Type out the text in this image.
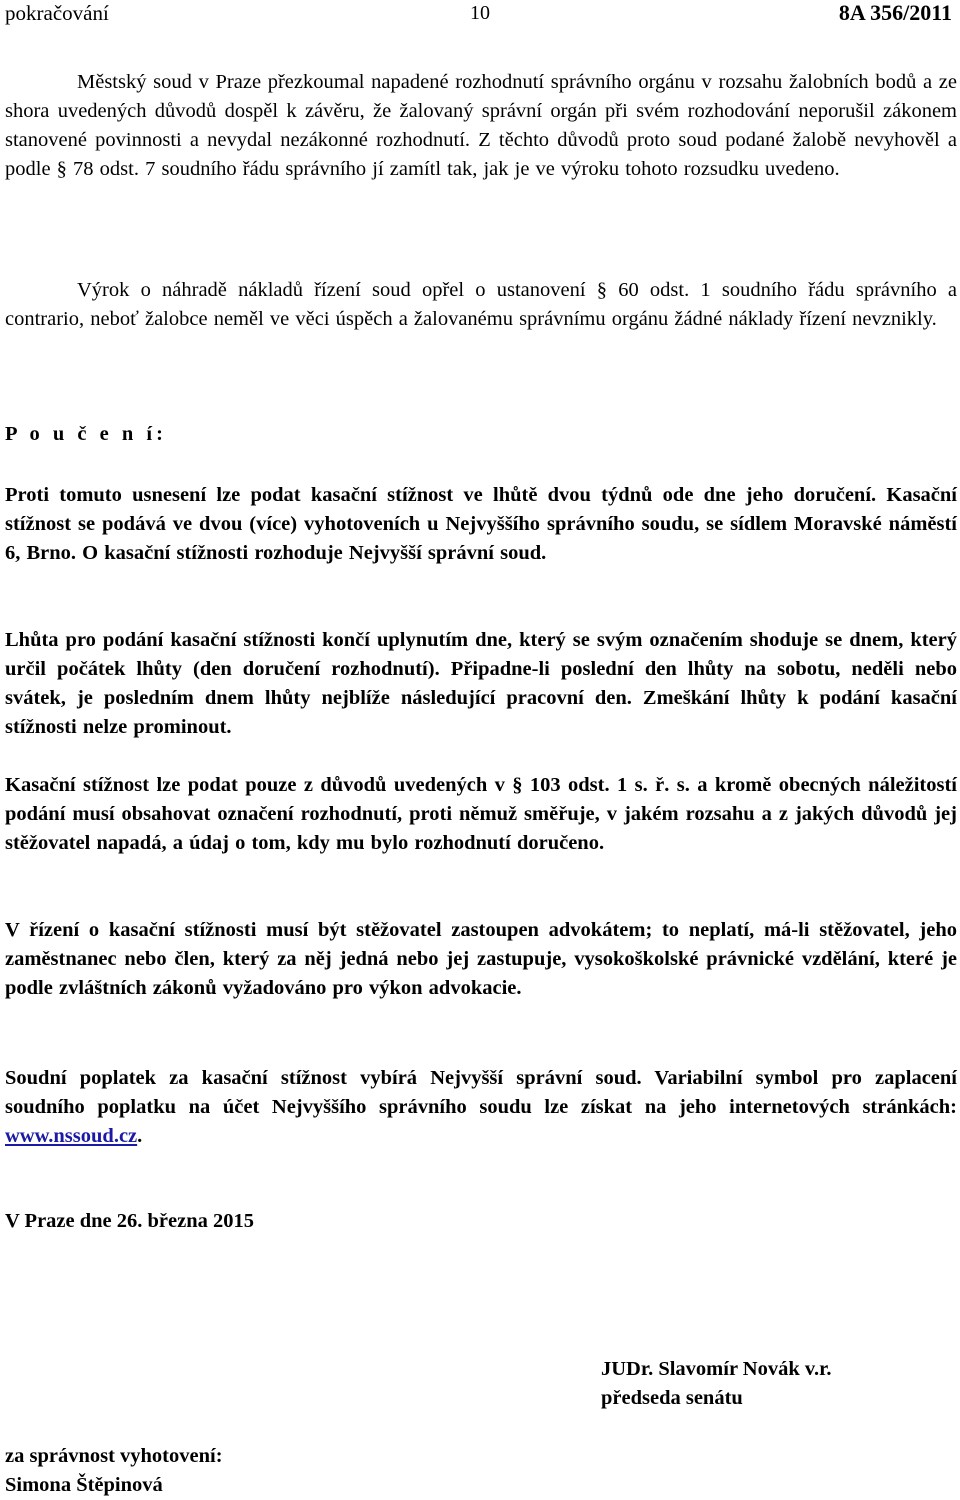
pokračování	10	8A 356/2011

Městský soud v Praze přezkoumal napadené rozhodnutí správního orgánu v rozsahu žalobních bodů a ze shora uvedených důvodů dospěl k závěru, že žalovaný správní orgán při svém rozhodování neporušil zákonem stanovené povinnosti a nevydal nezákonné rozhodnutí. Z těchto důvodů proto soud podané žalobě nevyhověl a podle § 78 odst. 7 soudního řádu správního jí zamítl tak, jak je ve výroku tohoto rozsudku uvedeno.

Výrok o náhradě nákladů řízení soud opřel o ustanovení § 60 odst. 1 soudního řádu správního a contrario, neboť žalobce neměl ve věci úspěch a žalovanému správnímu orgánu žádné náklady řízení nevznikly.

P o u č e n í:

Proti tomuto usnesení lze podat kasační stížnost ve lhůtě dvou týdnů ode dne jeho doručení. Kasační stížnost se podává ve dvou (více) vyhotoveních u Nejvyššího správního soudu, se sídlem Moravské náměstí 6, Brno. O kasační stížnosti rozhoduje Nejvyšší správní soud.

Lhůta pro podání kasační stížnosti končí uplynutím dne, který se svým označením shoduje se dnem, který určil počátek lhůty (den doručení rozhodnutí). Připadne-li poslední den lhůty na sobotu, neděli nebo svátek, je posledním dnem lhůty nejblíže následující pracovní den. Zmeškání lhůty k podání kasační stížnosti nelze prominout.

Kasační stížnost lze podat pouze z důvodů uvedených v § 103 odst. 1 s. ř. s. a kromě obecných náležitostí podání musí obsahovat označení rozhodnutí, proti němuž směřuje, v jakém rozsahu a z jakých důvodů jej stěžovatel napadá, a údaj o tom, kdy mu bylo rozhodnutí doručeno.

V řízení o kasační stížnosti musí být stěžovatel zastoupen advokátem; to neplatí, má-li stěžovatel, jeho zaměstnanec nebo člen, který za něj jedná nebo jej zastupuje, vysokoškolské právnické vzdělání, které je podle zvláštních zákonů vyžadováno pro výkon advokacie.

Soudní poplatek za kasační stížnost vybírá Nejvyšší správní soud. Variabilní symbol pro zaplacení soudního poplatku na účet Nejvyššího správního soudu lze získat na jeho internetových stránkách: www.nssoud.cz.

V Praze dne 26. března 2015

JUDr. Slavomír Novák v.r.

předseda senátu

za správnost vyhotovení:

Simona Štěpinová
